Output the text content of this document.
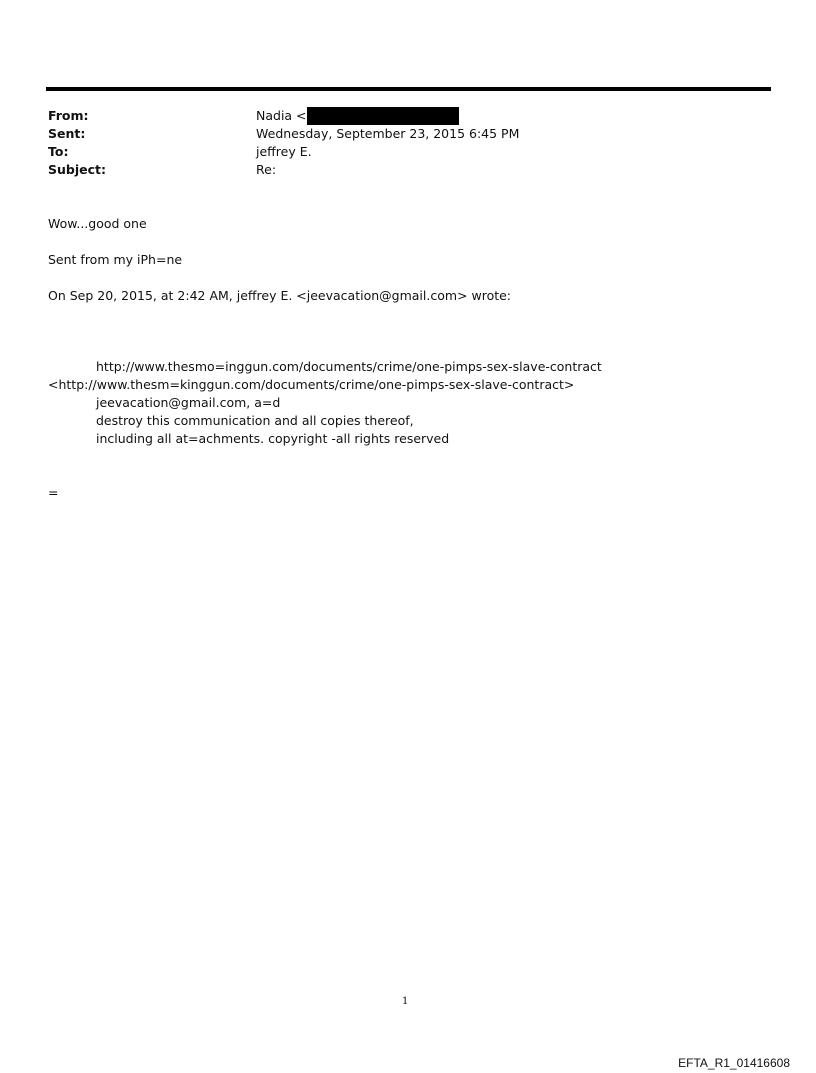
From:	Nadia <
Sent:	Wednesday, September 23, 2015 6:45 PM
To:	jeffrey E.
Subject:	Re:
Wow...good one
Sent from my iPh=ne
On Sep 20, 2015, at 2:42 AM, jeffrey E. <jeevacation@gmail.com> wrote:
http://www.thesmo=inggun.com/documents/crime/one-pimps-sex-slave-contract
<http://www.thesm=kinggun.com/documents/crime/one-pimps-sex-slave-contract>
jeevacation@gmail.com, a=d
destroy this communication and all copies thereof,
including all at=achments. copyright -all rights reserved
=
1
EFTA_R1_01416608
